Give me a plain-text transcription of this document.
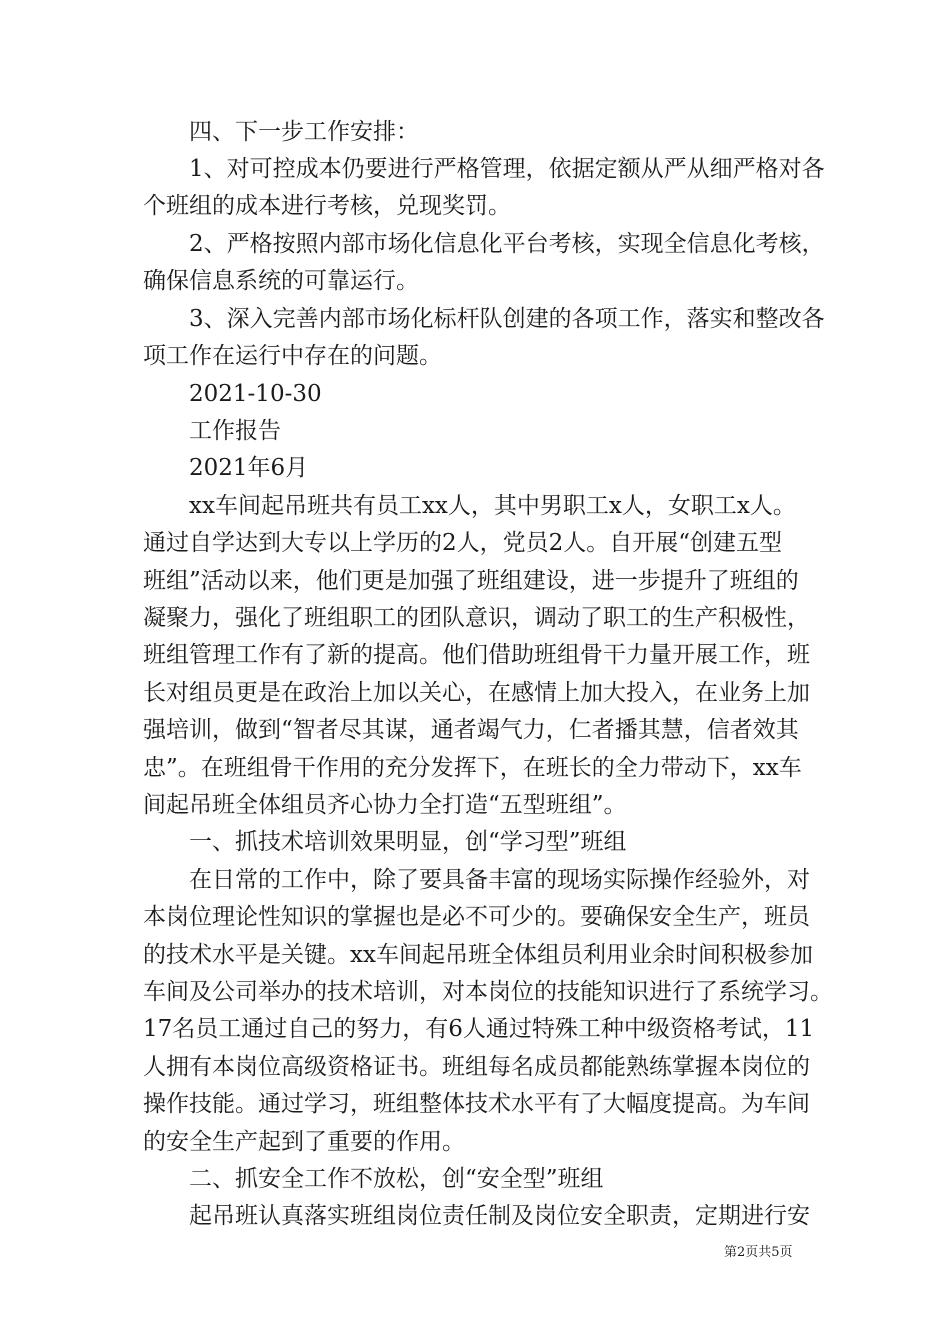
四、下一步工作安排：
1、对可控成本仍要进行严格管理，依据定额从严从细严格对各
个班组的成本进行考核，兑现奖罚。
2、严格按照内部市场化信息化平台考核，实现全信息化考核，
确保信息系统的可靠运行。
3、深入完善内部市场化标杆队创建的各项工作，落实和整改各
项工作在运行中存在的问题。
2021-10-30
工作报告
2021年6月
xx车间起吊班共有员工xx人，其中男职工x人，女职工x人。
通过自学达到大专以上学历的2人，党员2人。自开展“创建五型
班组”活动以来，他们更是加强了班组建设，进一步提升了班组的
凝聚力，强化了班组职工的团队意识，调动了职工的生产积极性，
班组管理工作有了新的提高。他们借助班组骨干力量开展工作，班
长对组员更是在政治上加以关心，在感情上加大投入，在业务上加
强培训，做到“智者尽其谋，通者竭气力，仁者播其慧，信者效其
忠”。在班组骨干作用的充分发挥下，在班长的全力带动下，xx车
间起吊班全体组员齐心协力全打造“五型班组”。
一、抓技术培训效果明显，创“学习型”班组
在日常的工作中，除了要具备丰富的现场实际操作经验外，对
本岗位理论性知识的掌握也是必不可少的。要确保安全生产，班员
的技术水平是关键。xx车间起吊班全体组员利用业余时间积极参加
车间及公司举办的技术培训，对本岗位的技能知识进行了系统学习。
17名员工通过自己的努力，有6人通过特殊工种中级资格考试，11
人拥有本岗位高级资格证书。班组每名成员都能熟练掌握本岗位的
操作技能。通过学习，班组整体技术水平有了大幅度提高。为车间
的安全生产起到了重要的作用。
二、抓安全工作不放松，创“安全型”班组
起吊班认真落实班组岗位责任制及岗位安全职责，定期进行安
第2页共5页
